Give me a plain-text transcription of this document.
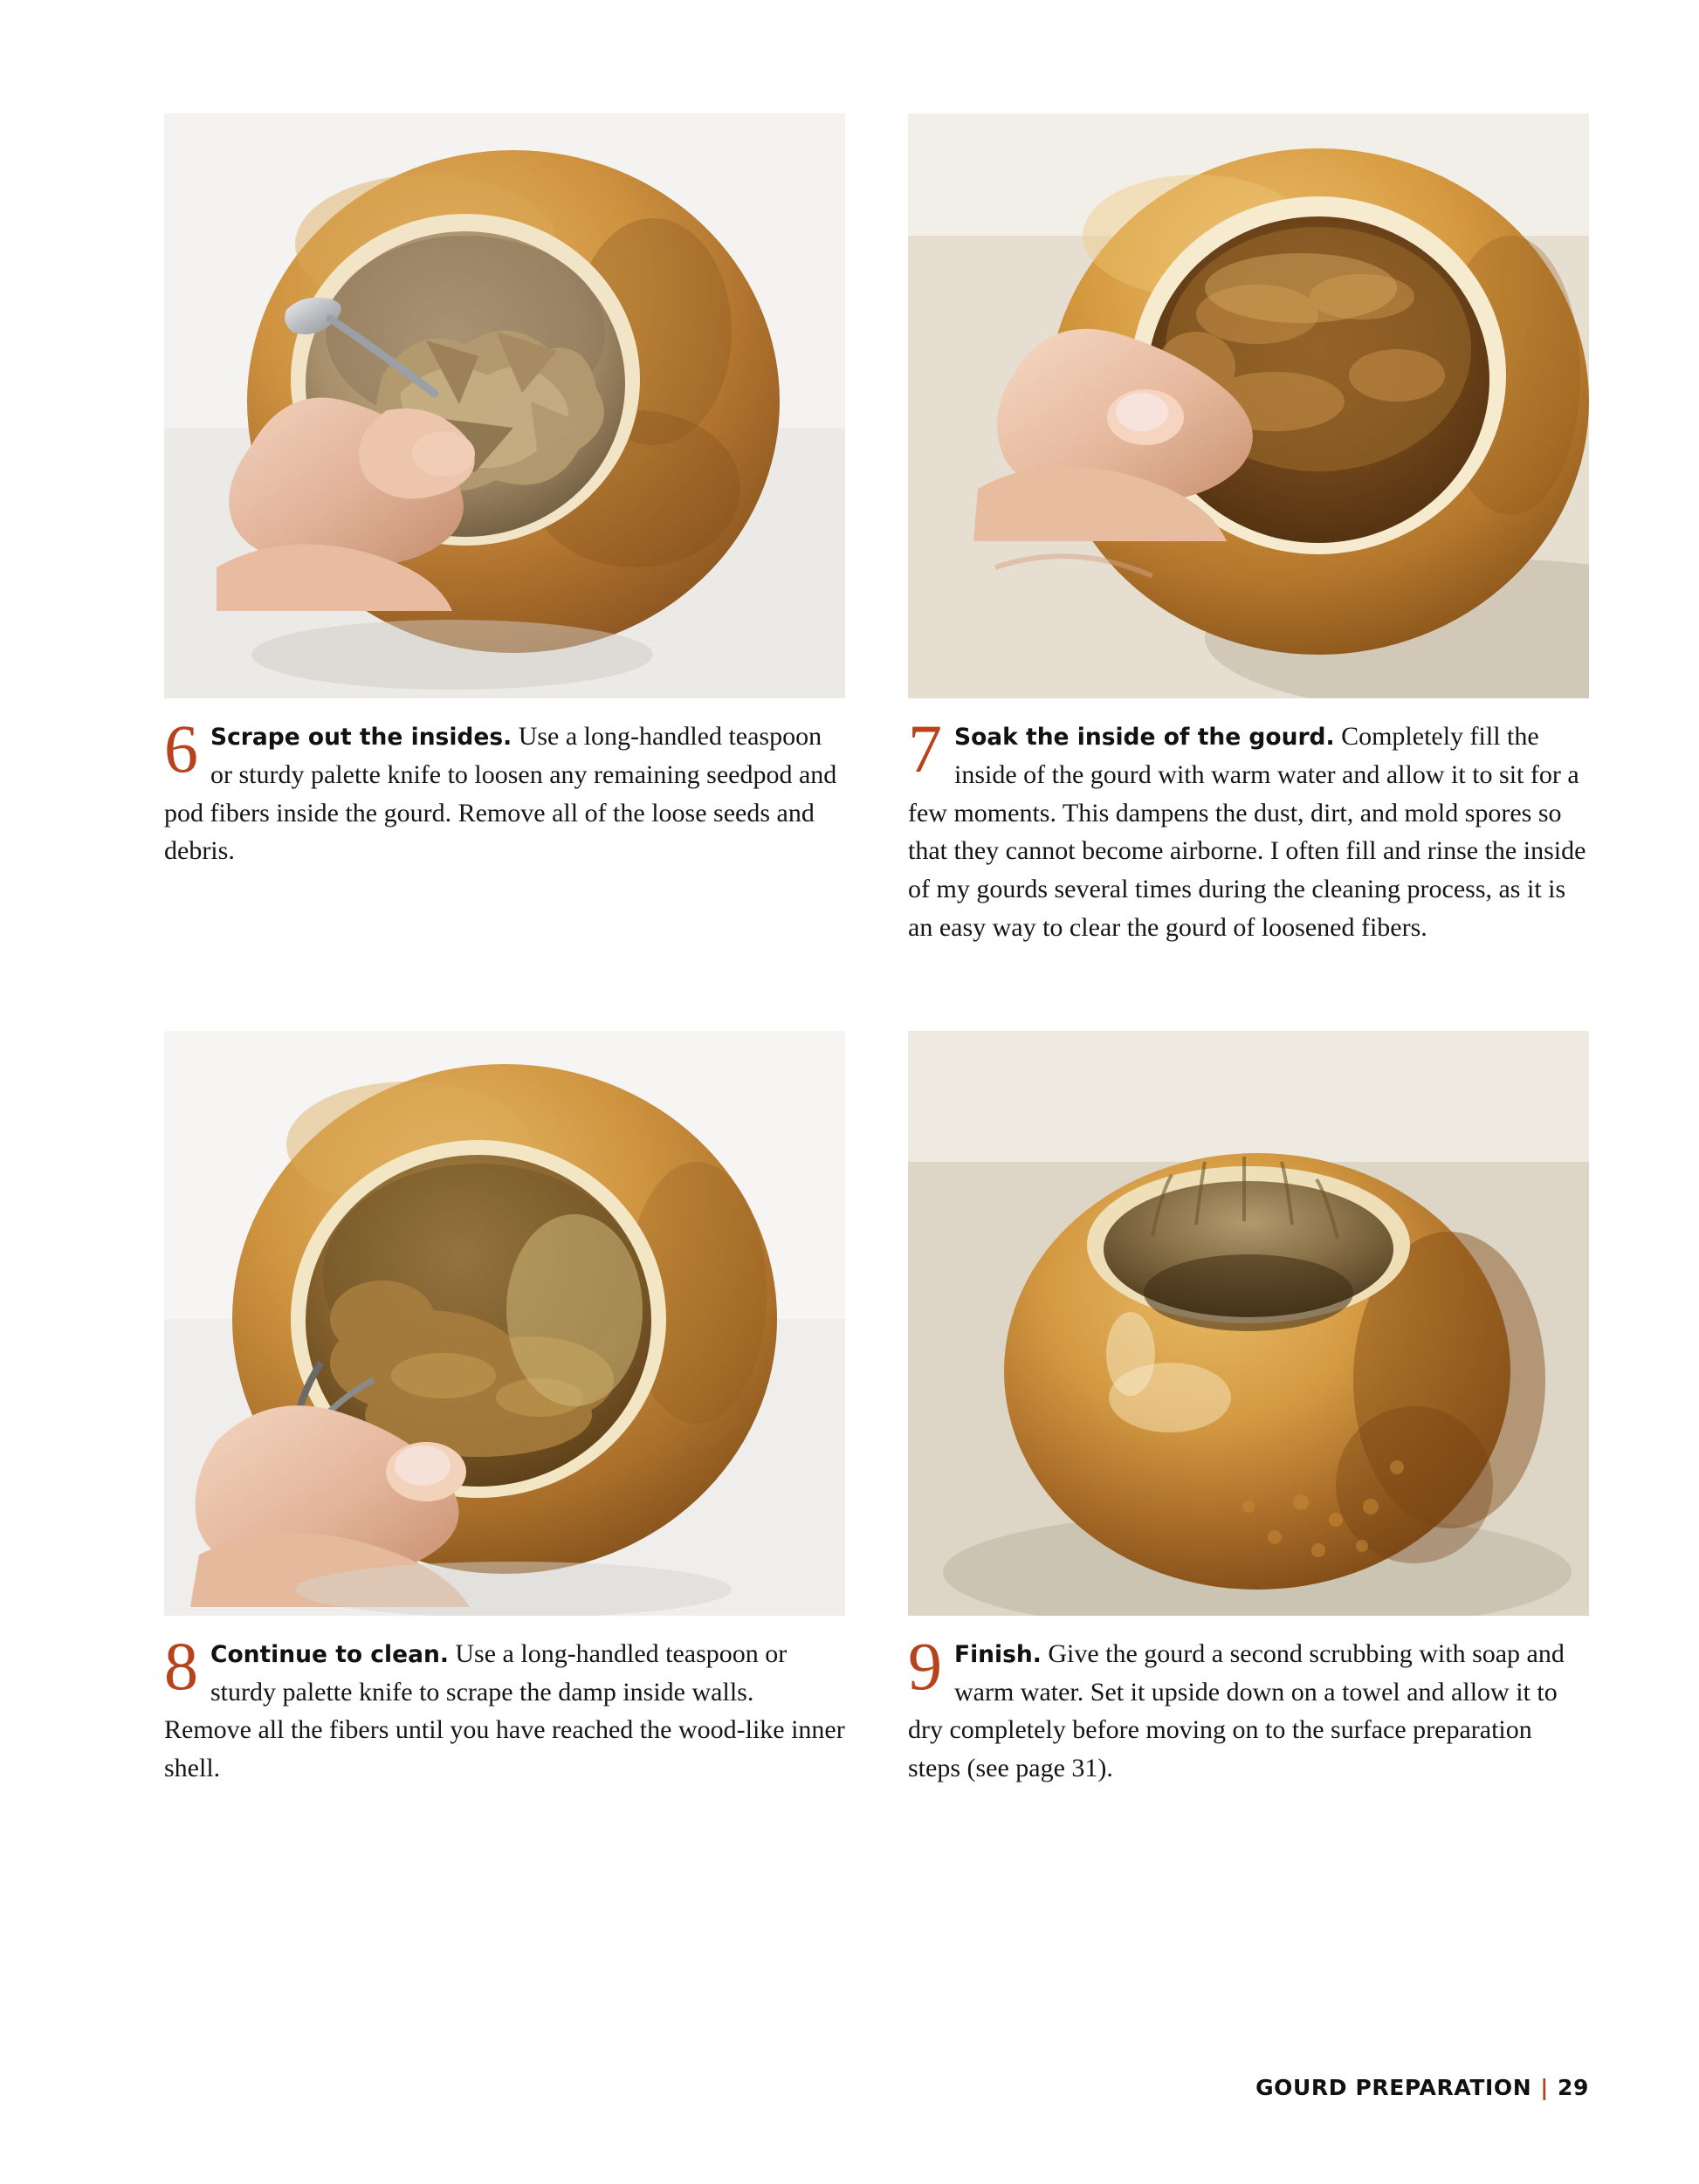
6 Scrape out the insides. Use a long-handled teaspoon or sturdy palette knife to loosen any remaining seedpod and pod fibers inside the gourd. Remove all of the loose seeds and debris.
7 Soak the inside of the gourd. Completely fill the inside of the gourd with warm water and allow it to sit for a few moments. This dampens the dust, dirt, and mold spores so that they cannot become airborne. I often fill and rinse the inside of my gourds several times during the cleaning process, as it is an easy way to clear the gourd of loosened fibers.
8 Continue to clean. Use a long-handled teaspoon or sturdy palette knife to scrape the damp inside walls. Remove all the fibers until you have reached the wood-like inner shell.
9 Finish. Give the gourd a second scrubbing with soap and warm water. Set it upside down on a towel and allow it to dry completely before moving on to the surface preparation steps (see page 31).
GOURD PREPARATION | 29
